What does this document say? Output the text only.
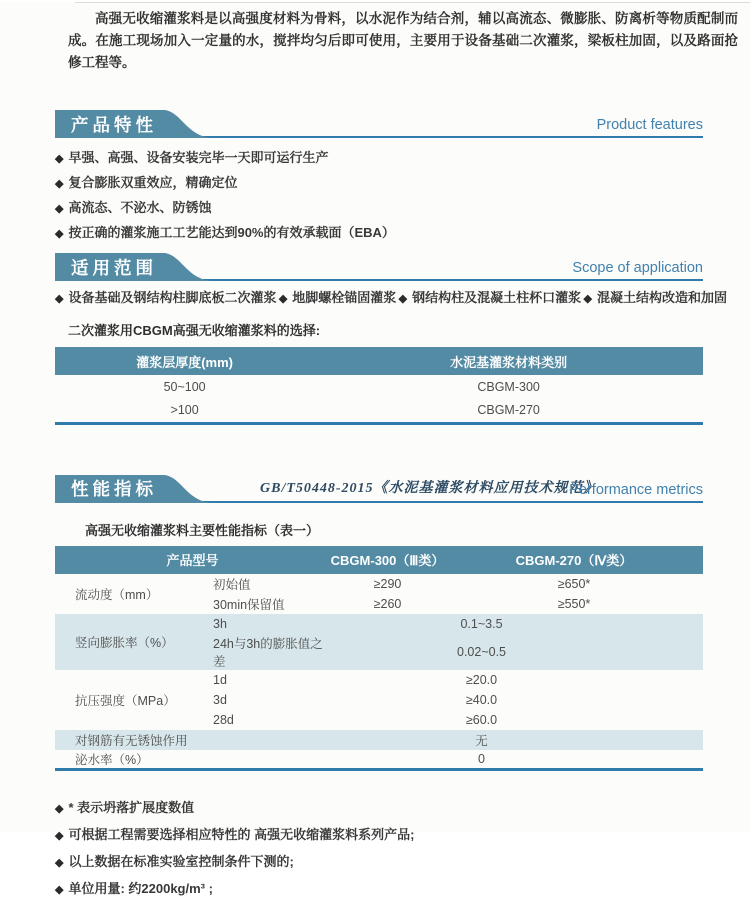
高强无收缩灌浆料是以高强度材料为骨料，以水泥作为结合剂，辅以高流态、微膨胀、防离析等物质配制而成。在施工现场加入一定量的水，搅拌均匀后即可使用，主要用于设备基础二次灌浆，梁板柱加固，以及路面抢修工程等。

产品特性	Product features
◆ 早强、高强、设备安装完毕一天即可运行生产
◆ 复合膨胀双重效应，精确定位
◆ 高流态、不泌水、防锈蚀
◆ 按正确的灌浆施工工艺能达到90%的有效承载面（EBA）
适用范围	Scope of application
◆ 设备基础及钢结构柱脚底板二次灌浆 ◆ 地脚螺栓锚固灌浆 ◆ 钢结构柱及混凝土柱杯口灌浆 ◆ 混凝土结构改造和加固
二次灌浆用CBGM高强无收缩灌浆料的选择:
灌浆层厚度(mm)	水泥基灌浆材料类别
50~100	CBGM-300
>100	CBGM-270
性能指标	GB/T50448-2015《水泥基灌浆材料应用技术规范》
Performance metrics
高强无收缩灌浆料主要性能指标（表一）
产品型号		CBGM-300（Ⅲ类）	CBGM-270（Ⅳ类）
流动度（mm）	初始值	≥290	≥650*
	30min保留值	≥260	≥550*
竖向膨胀率（%）	3h	0.1~3.5	
	24h与3h的膨胀值之差	0.02~0.5	
抗压强度（MPa）	1d	≥20.0	
	3d	≥40.0	
	28d	≥60.0	
对钢筋有无锈蚀作用		无	
泌水率（%）		0	
◆ * 表示坍落扩展度数值
◆ 可根据工程需要选择相应特性的 高强无收缩灌浆料系列产品;
◆ 以上数据在标准实验室控制条件下测的;
◆ 单位用量: 约2200kg/m³ ;
